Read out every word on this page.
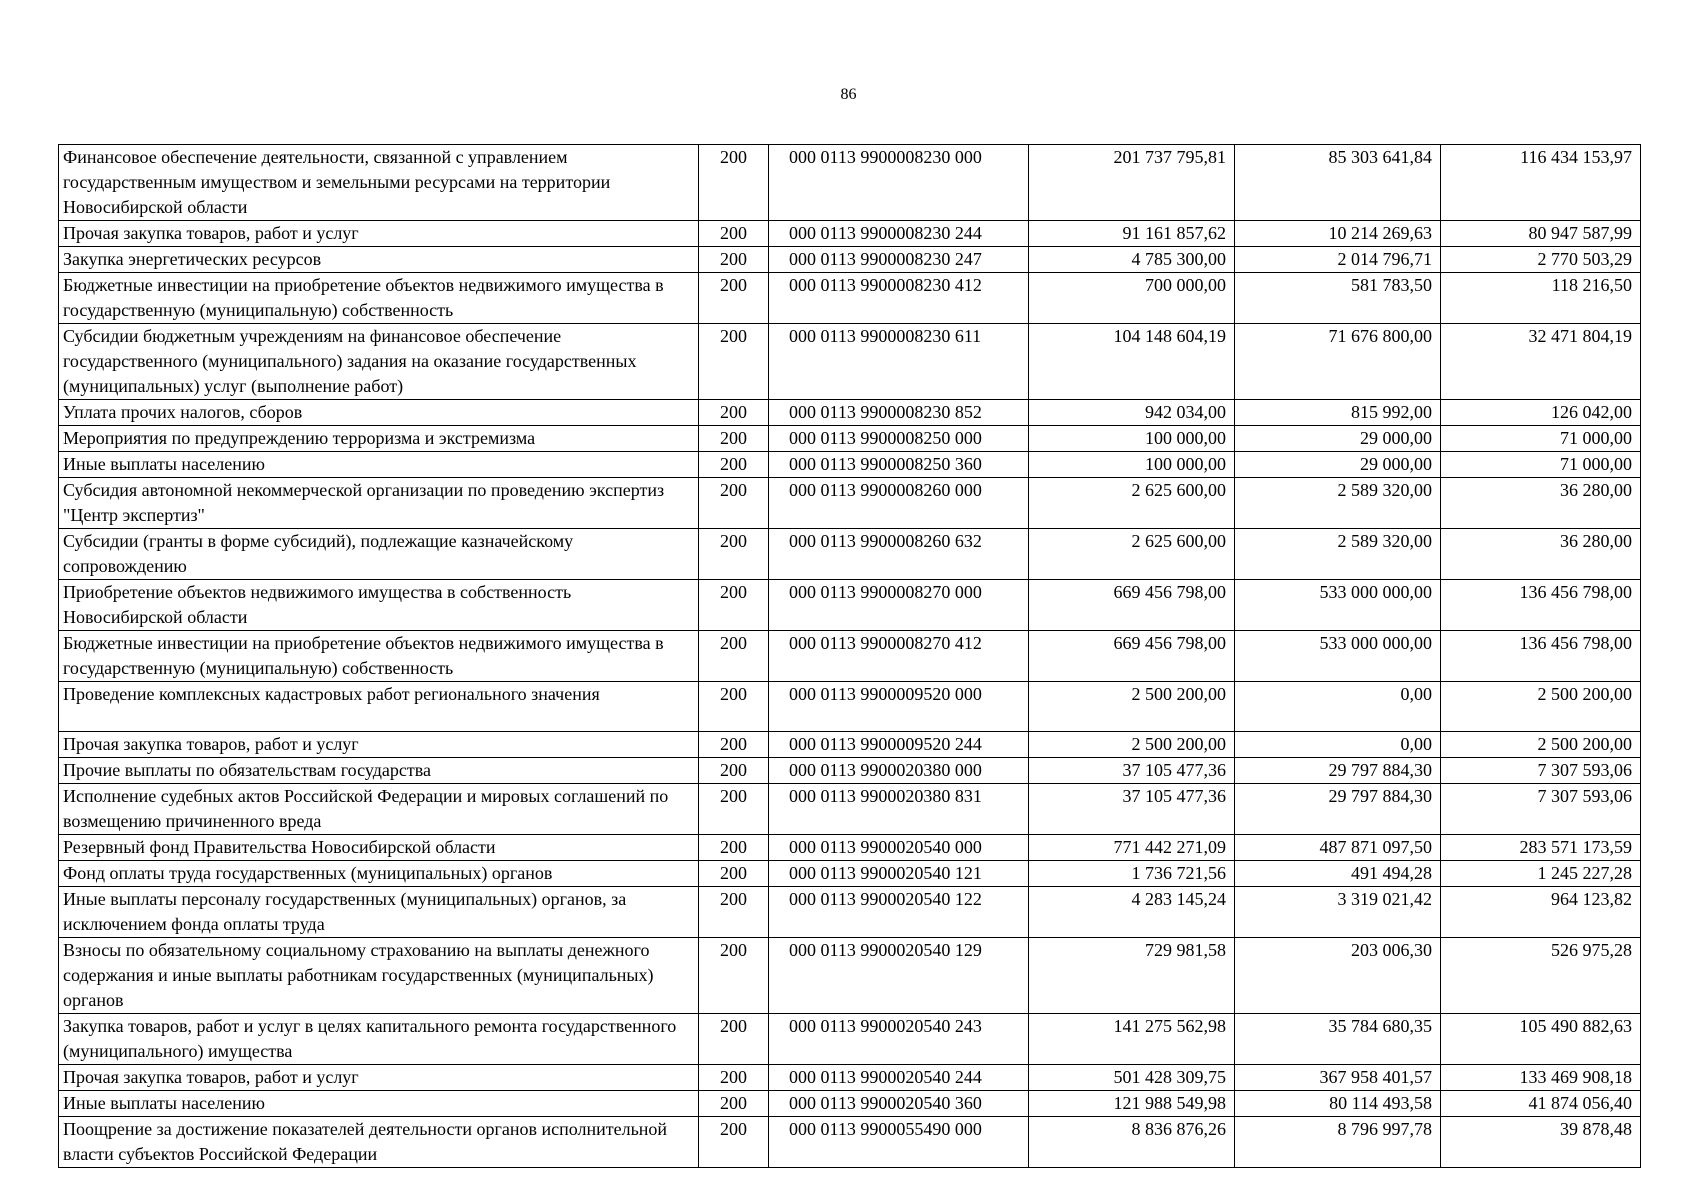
86
Финансовое обеспечение деятельности, связанной с управлением государственным имуществом и земельными ресурсами на территории Новосибирской области	200	000 0113 9900008230 000	201 737 795,81	85 303 641,84	116 434 153,97
Прочая закупка товаров, работ и услуг	200	000 0113 9900008230 244	91 161 857,62	10 214 269,63	80 947 587,99
Закупка энергетических ресурсов	200	000 0113 9900008230 247	4 785 300,00	2 014 796,71	2 770 503,29
Бюджетные инвестиции на приобретение объектов недвижимого имущества в государственную (муниципальную) собственность	200	000 0113 9900008230 412	700 000,00	581 783,50	118 216,50
Субсидии бюджетным учреждениям на финансовое обеспечение государственного (муниципального) задания на оказание государственных (муниципальных) услуг (выполнение работ)	200	000 0113 9900008230 611	104 148 604,19	71 676 800,00	32 471 804,19
Уплата прочих налогов, сборов	200	000 0113 9900008230 852	942 034,00	815 992,00	126 042,00
Мероприятия по предупреждению терроризма и экстремизма	200	000 0113 9900008250 000	100 000,00	29 000,00	71 000,00
Иные выплаты населению	200	000 0113 9900008250 360	100 000,00	29 000,00	71 000,00
Субсидия автономной некоммерческой организации по проведению экспертиз "Центр экспертиз"	200	000 0113 9900008260 000	2 625 600,00	2 589 320,00	36 280,00
Субсидии (гранты в форме субсидий), подлежащие казначейскому сопровождению	200	000 0113 9900008260 632	2 625 600,00	2 589 320,00	36 280,00
Приобретение объектов недвижимого имущества в собственность Новосибирской области	200	000 0113 9900008270 000	669 456 798,00	533 000 000,00	136 456 798,00
Бюджетные инвестиции на приобретение объектов недвижимого имущества в государственную (муниципальную) собственность	200	000 0113 9900008270 412	669 456 798,00	533 000 000,00	136 456 798,00
Проведение комплексных кадастровых работ регионального значения	200	000 0113 9900009520 000	2 500 200,00	0,00	2 500 200,00
Прочая закупка товаров, работ и услуг	200	000 0113 9900009520 244	2 500 200,00	0,00	2 500 200,00
Прочие выплаты по обязательствам государства	200	000 0113 9900020380 000	37 105 477,36	29 797 884,30	7 307 593,06
Исполнение судебных актов Российской Федерации и мировых соглашений по возмещению причиненного вреда	200	000 0113 9900020380 831	37 105 477,36	29 797 884,30	7 307 593,06
Резервный фонд Правительства Новосибирской области	200	000 0113 9900020540 000	771 442 271,09	487 871 097,50	283 571 173,59
Фонд оплаты труда государственных (муниципальных) органов	200	000 0113 9900020540 121	1 736 721,56	491 494,28	1 245 227,28
Иные выплаты персоналу государственных (муниципальных) органов, за исключением фонда оплаты труда	200	000 0113 9900020540 122	4 283 145,24	3 319 021,42	964 123,82
Взносы по обязательному социальному страхованию на выплаты денежного содержания и иные выплаты работникам государственных (муниципальных) органов	200	000 0113 9900020540 129	729 981,58	203 006,30	526 975,28
Закупка товаров, работ и услуг в целях капитального ремонта государственного (муниципального) имущества	200	000 0113 9900020540 243	141 275 562,98	35 784 680,35	105 490 882,63
Прочая закупка товаров, работ и услуг	200	000 0113 9900020540 244	501 428 309,75	367 958 401,57	133 469 908,18
Иные выплаты населению	200	000 0113 9900020540 360	121 988 549,98	80 114 493,58	41 874 056,40
Поощрение за достижение показателей деятельности органов исполнительной власти субъектов Российской Федерации	200	000 0113 9900055490 000	8 836 876,26	8 796 997,78	39 878,48
